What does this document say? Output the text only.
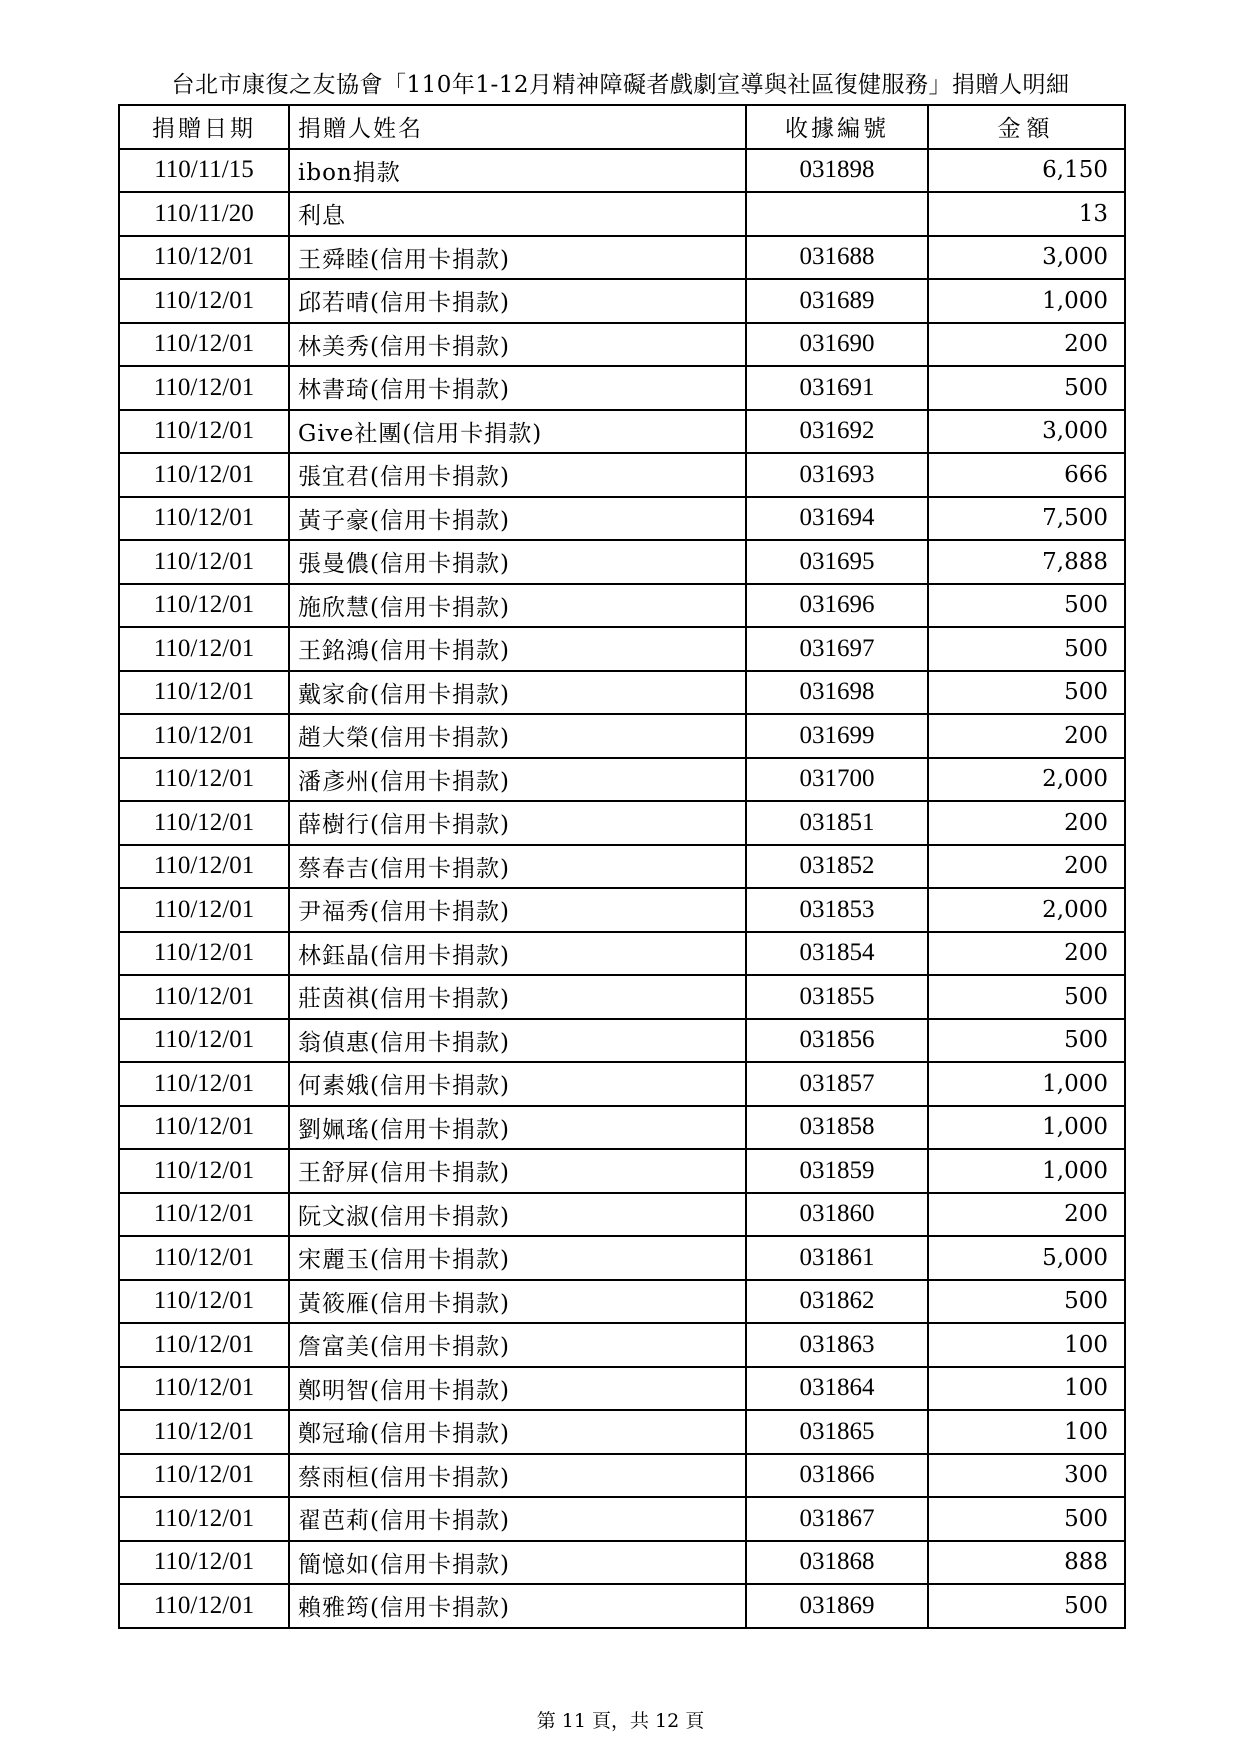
台北市康復之友協會「110年1-12月精神障礙者戲劇宣導與社區復健服務」捐贈人明細
捐贈日期	捐贈人姓名	收據編號	金額
110/11/15	ibon捐款	031898	6,150
110/11/20	利息		13
110/12/01	王舜睦(信用卡捐款)	031688	3,000
110/12/01	邱若晴(信用卡捐款)	031689	1,000
110/12/01	林美秀(信用卡捐款)	031690	200
110/12/01	林書琦(信用卡捐款)	031691	500
110/12/01	Give社團(信用卡捐款)	031692	3,000
110/12/01	張宜君(信用卡捐款)	031693	666
110/12/01	黃子豪(信用卡捐款)	031694	7,500
110/12/01	張曼儂(信用卡捐款)	031695	7,888
110/12/01	施欣慧(信用卡捐款)	031696	500
110/12/01	王銘鴻(信用卡捐款)	031697	500
110/12/01	戴家俞(信用卡捐款)	031698	500
110/12/01	趙大榮(信用卡捐款)	031699	200
110/12/01	潘彥州(信用卡捐款)	031700	2,000
110/12/01	薛樹行(信用卡捐款)	031851	200
110/12/01	蔡春吉(信用卡捐款)	031852	200
110/12/01	尹福秀(信用卡捐款)	031853	2,000
110/12/01	林鈺晶(信用卡捐款)	031854	200
110/12/01	莊茵祺(信用卡捐款)	031855	500
110/12/01	翁偵惠(信用卡捐款)	031856	500
110/12/01	何素娥(信用卡捐款)	031857	1,000
110/12/01	劉姵瑤(信用卡捐款)	031858	1,000
110/12/01	王舒屏(信用卡捐款)	031859	1,000
110/12/01	阮文淑(信用卡捐款)	031860	200
110/12/01	宋麗玉(信用卡捐款)	031861	5,000
110/12/01	黃筱雁(信用卡捐款)	031862	500
110/12/01	詹富美(信用卡捐款)	031863	100
110/12/01	鄭明智(信用卡捐款)	031864	100
110/12/01	鄭冠瑜(信用卡捐款)	031865	100
110/12/01	蔡雨桓(信用卡捐款)	031866	300
110/12/01	翟芭莉(信用卡捐款)	031867	500
110/12/01	簡憶如(信用卡捐款)	031868	888
110/12/01	賴雅筠(信用卡捐款)	031869	500
第 11 頁，共 12 頁
